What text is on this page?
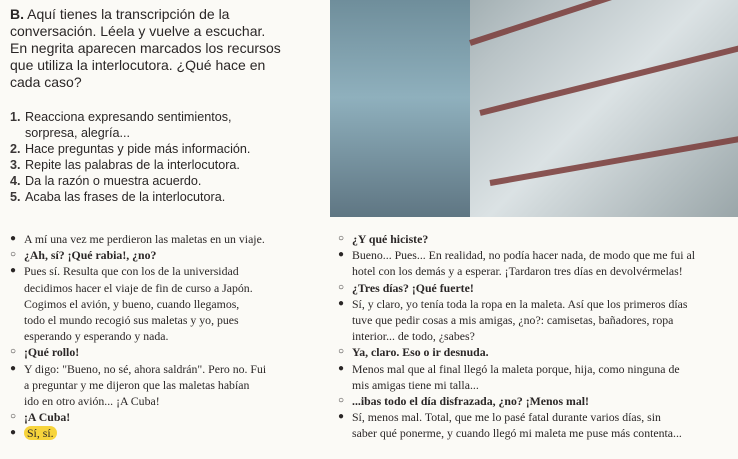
B. Aquí tienes la transcripción de la
conversación. Léela y vuelve a escuchar.
En negrita aparecen marcados los recursos
que utiliza la interlocutora. ¿Qué hace en
cada caso?

1. Reacciona expresando sentimientos,
sorpresa, alegría...
2. Hace preguntas y pide más información.
3. Repite las palabras de la interlocutora.
4. Da la razón o muestra acuerdo.
5. Acaba las frases de la interlocutora.
● A mí una vez me perdieron las maletas en un viaje.
○ ¿Ah, sí? ¡Qué rabia!, ¿no?
● Pues sí. Resulta que con los de la universidad
decidimos hacer el viaje de fin de curso a Japón.
Cogimos el avión, y bueno, cuando llegamos,
todo el mundo recogió sus maletas y yo, pues
esperando y esperando y nada.
○ ¡Qué rollo!
● Y digo: "Bueno, no sé, ahora saldrán". Pero no. Fui
a preguntar y me dijeron que las maletas habían
ido en otro avión... ¡A Cuba!
○ ¡A Cuba!
● Sí, sí.
○ ¿Y qué hiciste?
● Bueno... Pues... En realidad, no podía hacer nada, de modo que me fui al
hotel con los demás y a esperar. ¡Tardaron tres días en devolvérmelas!
○ ¿Tres días? ¡Qué fuerte!
● Sí, y claro, yo tenía toda la ropa en la maleta. Así que los primeros días
tuve que pedir cosas a mis amigas, ¿no?: camisetas, bañadores, ropa
interior... de todo, ¿sabes?
○ Ya, claro. Eso o ir desnuda.
● Menos mal que al final llegó la maleta porque, hija, como ninguna de
mis amigas tiene mi talla...
○ ...ibas todo el día disfrazada, ¿no? ¡Menos mal!
● Sí, menos mal. Total, que me lo pasé fatal durante varios días, sin
saber qué ponerme, y cuando llegó mi maleta me puse más contenta...
